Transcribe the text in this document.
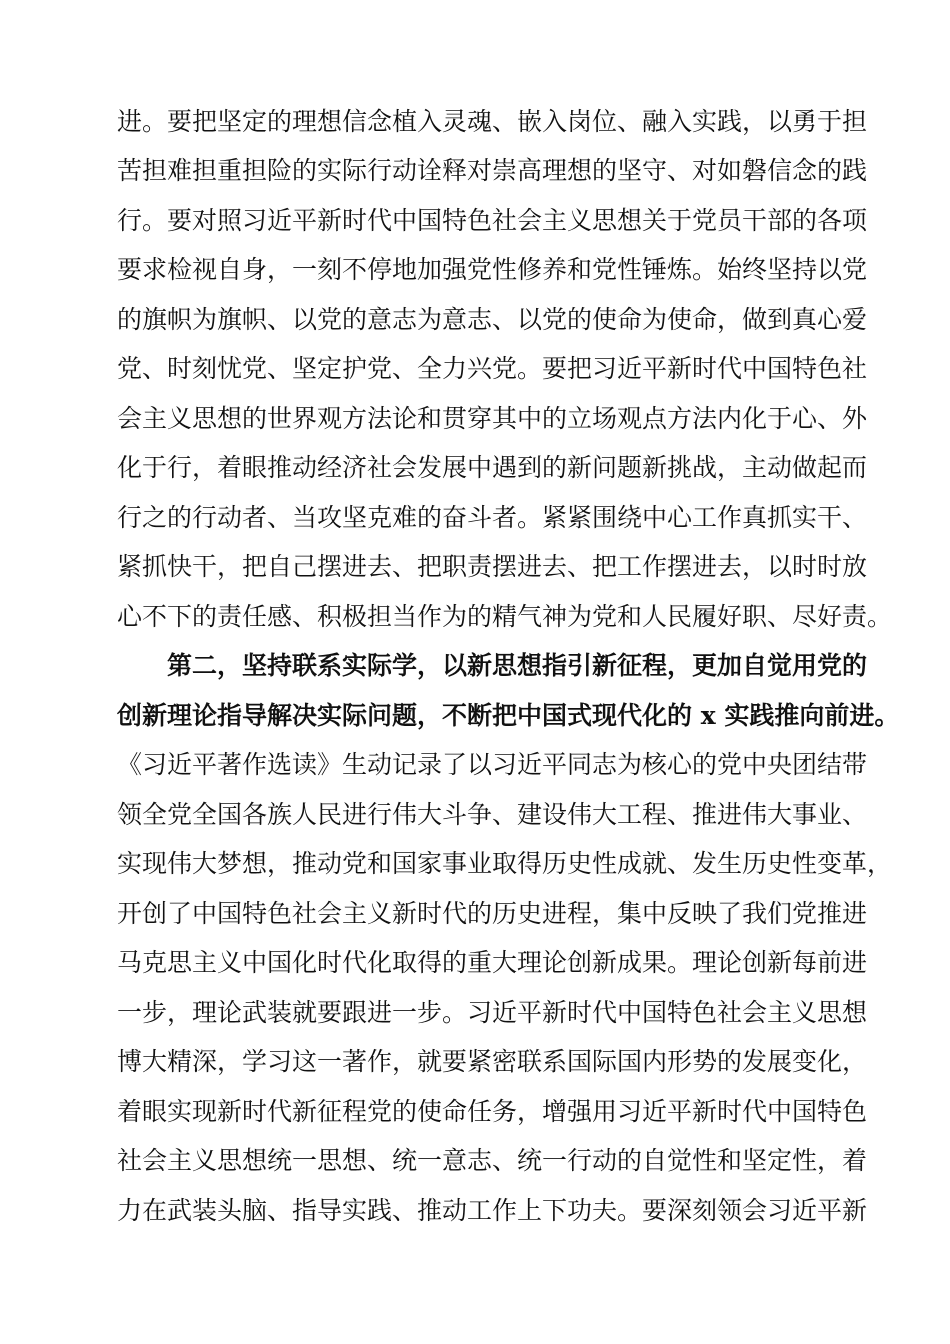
进。要把坚定的理想信念植入灵魂、嵌入岗位、融入实践，以勇于担
苦担难担重担险的实际行动诠释对崇高理想的坚守、对如磐信念的践
行。要对照习近平新时代中国特色社会主义思想关于党员干部的各项
要求检视自身，一刻不停地加强党性修养和党性锤炼。始终坚持以党
的旗帜为旗帜、以党的意志为意志、以党的使命为使命，做到真心爱
党、时刻忧党、坚定护党、全力兴党。要把习近平新时代中国特色社
会主义思想的世界观方法论和贯穿其中的立场观点方法内化于心、外
化于行，着眼推动经济社会发展中遇到的新问题新挑战，主动做起而
行之的行动者、当攻坚克难的奋斗者。紧紧围绕中心工作真抓实干、
紧抓快干，把自己摆进去、把职责摆进去、把工作摆进去，以时时放
心不下的责任感、积极担当作为的精气神为党和人民履好职、尽好责。
第二，坚持联系实际学，以新思想指引新征程，更加自觉用党的
创新理论指导解决实际问题，不断把中国式现代化的 x 实践推向前进。
《习近平著作选读》生动记录了以习近平同志为核心的党中央团结带
领全党全国各族人民进行伟大斗争、建设伟大工程、推进伟大事业、
实现伟大梦想，推动党和国家事业取得历史性成就、发生历史性变革，
开创了中国特色社会主义新时代的历史进程，集中反映了我们党推进
马克思主义中国化时代化取得的重大理论创新成果。理论创新每前进
一步，理论武装就要跟进一步。习近平新时代中国特色社会主义思想
博大精深，学习这一著作，就要紧密联系国际国内形势的发展变化，
着眼实现新时代新征程党的使命任务，增强用习近平新时代中国特色
社会主义思想统一思想、统一意志、统一行动的自觉性和坚定性，着
力在武装头脑、指导实践、推动工作上下功夫。要深刻领会习近平新
